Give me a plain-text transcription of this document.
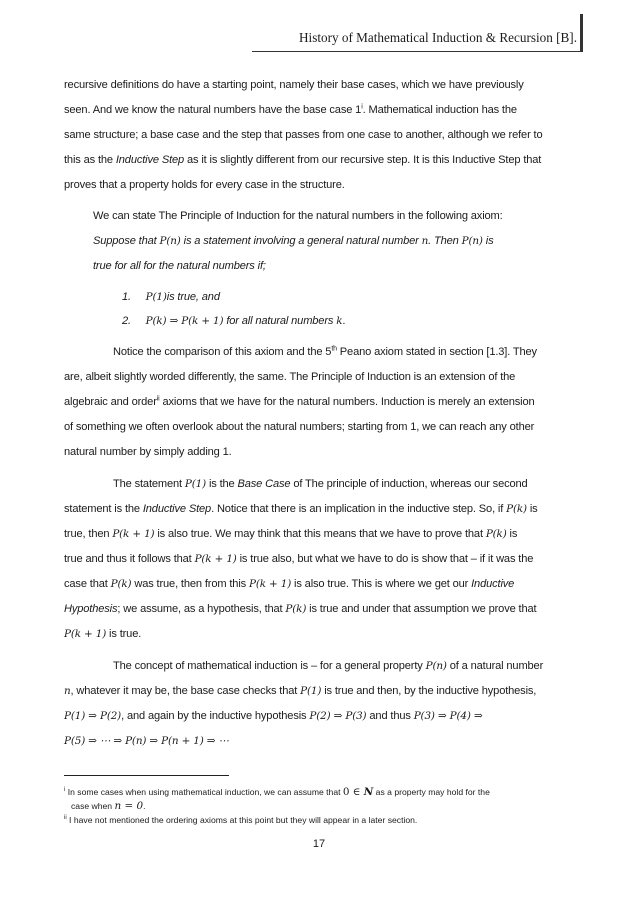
History of Mathematical Induction & Recursion [B].
recursive definitions do have a starting point, namely their base cases, which we have previously
seen. And we know the natural numbers have the base case 1$^i$. Mathematical induction has the
same structure; a base case and the step that passes from one case to another, although we refer to
this as the Inductive Step as it is slightly different from our recursive step. It is this Inductive Step that
proves that a property holds for every case in the structure.
We can state The Principle of Induction for the natural numbers in the following axiom:
Suppose that P(n) is a statement involving a general natural number n. Then P(n) is
true for all for the natural numbers if;
1. P(1)is true, and
2. P(k) ⇒ P(k + 1) for all natural numbers k.
Notice the comparison of this axiom and the 5th Peano axiom stated in section [1.3]. They
are, albeit slightly worded differently, the same. The Principle of Induction is an extension of the
algebraic and order$^{ii}$ axioms that we have for the natural numbers. Induction is merely an extension
of something we often overlook about the natural numbers; starting from 1, we can reach any other
natural number by simply adding 1.
The statement P(1) is the Base Case of The principle of induction, whereas our second
statement is the Inductive Step. Notice that there is an implication in the inductive step. So, if P(k) is
true, then P(k + 1) is also true. We may think that this means that we have to prove that P(k) is
true and thus it follows that P(k + 1) is true also, but what we have to do is show that – if it was the
case that P(k) was true, then from this P(k + 1) is also true. This is where we get our Inductive
Hypothesis; we assume, as a hypothesis, that P(k) is true and under that assumption we prove that
P(k + 1) is true.
The concept of mathematical induction is – for a general property P(n) of a natural number
n, whatever it may be, the base case checks that P(1) is true and then, by the inductive hypothesis,
P(1) ⇒ P(2), and again by the inductive hypothesis P(2) ⇒ P(3) and thus P(3) ⇒ P(4) ⇒
P(5) ⇒ ⋯ ⇒ P(n) ⇒ P(n + 1) ⇒ ⋯
$^i$ In some cases when using mathematical induction, we can assume that 0 ∈ N as a property may hold for the
case when n = 0.
$^{ii}$ I have not mentioned the ordering axioms at this point but they will appear in a later section.
17
